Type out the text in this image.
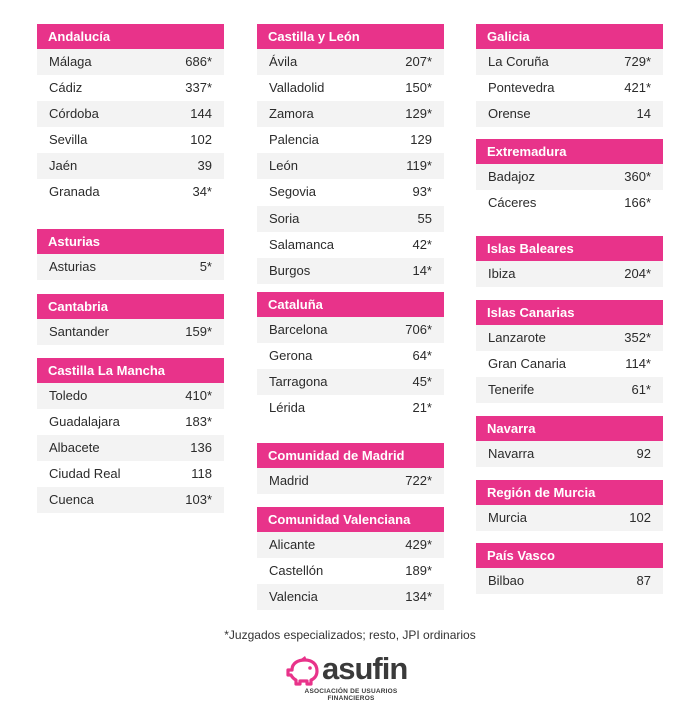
Andalucía
Málaga	686*
Cádiz	337*
Córdoba	144
Sevilla	102
Jaén	39
Granada	34*
Asturias
Asturias	5*
Cantabria
Santander	159*
Castilla La Mancha
Toledo	410*
Guadalajara	183*
Albacete	136
Ciudad Real	118
Cuenca	103*
Castilla y León
Ávila	207*
Valladolid	150*
Zamora	129*
Palencia	129
León	119*
Segovia	93*
Soria	55
Salamanca	42*
Burgos	14*
Cataluña
Barcelona	706*
Gerona	64*
Tarragona	45*
Lérida	21*
Comunidad de Madrid
Madrid	722*
Comunidad Valenciana
Alicante	429*
Castellón	189*
Valencia	134*
Galicia
La Coruña	729*
Pontevedra	421*
Orense	14
Extremadura
Badajoz	360*
Cáceres	166*
Islas Baleares
Ibiza	204*
Islas Canarias
Lanzarote	352*
Gran Canaria	114*
Tenerife	61*
Navarra
Navarra	92
Región de Murcia
Murcia	102
País Vasco
Bilbao	87
*Juzgados especializados; resto, JPI ordinarios
asufin
ASOCIACIÓN DE USUARIOS FINANCIEROS
